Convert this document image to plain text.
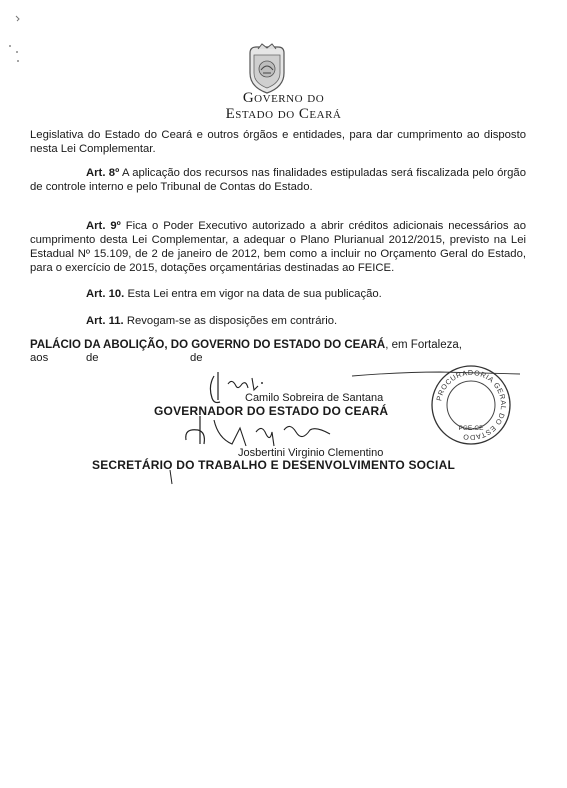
Governo do
Estado do Ceará
Legislativa do Estado do Ceará e outros órgãos e entidades, para dar cumprimento ao disposto nesta Lei Complementar.
Art. 8º A aplicação dos recursos nas finalidades estipuladas será fiscalizada pelo órgão de controle interno e pelo Tribunal de Contas do Estado.
Art. 9º Fica o Poder Executivo autorizado a abrir créditos adicionais necessários ao cumprimento desta Lei Complementar, a adequar o Plano Plurianual 2012/2015, previsto na Lei Estadual Nº 15.109, de 2 de janeiro de 2012, bem como a incluir no Orçamento Geral do Estado, para o exercício de 2015, dotações orçamentárias destinadas ao FEICE.
Art. 10. Esta Lei entra em vigor na data de sua publicação.
Art. 11. Revogam-se as disposições em contrário.
PALÁCIO DA ABOLIÇÃO, DO GOVERNO DO ESTADO DO CEARÁ, em Fortaleza,
aos	de	de
Camilo Sobreira de Santana
GOVERNADOR DO ESTADO DO CEARÁ
Josbertini Virginio Clementino
SECRETÁRIO DO TRABALHO E DESENVOLVIMENTO SOCIAL
PROCURADORIA GERAL DO ESTADO
PGE-CE
